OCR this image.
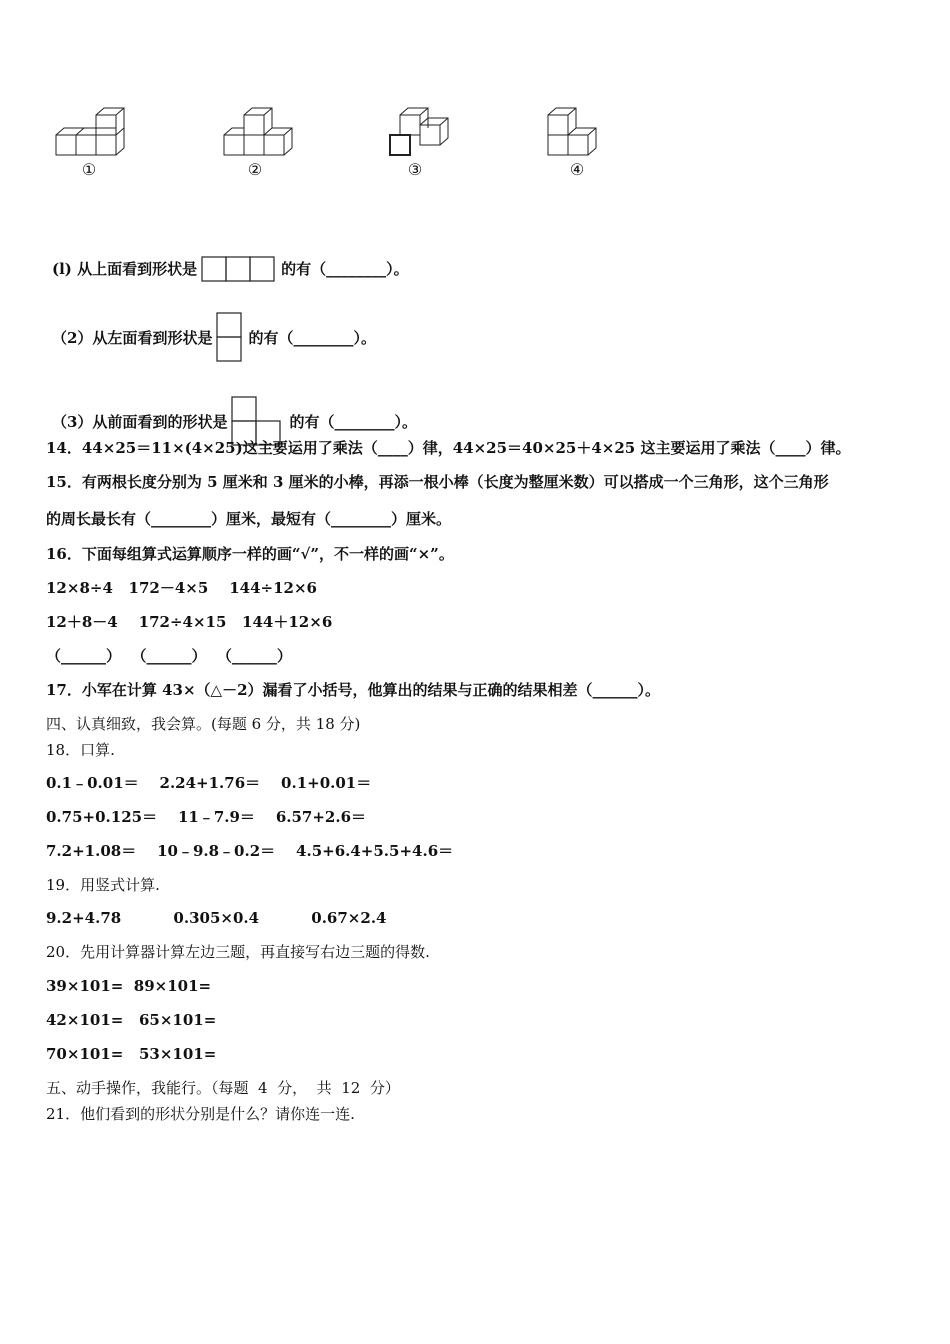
①	②	③	④
(l) 从上面看到形状是

	的有（________）。
（2）从左面看到形状是

的有（________）。
（3）从前面看到的形状是

	的有（________）。
14．44×25＝11×(4×25)这主要运用了乘法（____）律，44×25＝40×25＋4×25 这主要运用了乘法（____）律。
15．有两根长度分别为 5 厘米和 3 厘米的小棒，再添一根小棒（长度为整厘米数）可以搭成一个三角形，这个三角形
的周长最长有（________）厘米，最短有（________）厘米。
16．下面每组算式运算顺序一样的画“√”，不一样的画“×”。
12×8÷4   172－4×5    144÷12×6
12＋8－4    172÷4×15   144＋12×6
（______）  （______）  （______）
17．小军在计算 43×（△－2）漏看了小括号，他算出的结果与正确的结果相差（______）。
四、认真细致，我会算。(每题 6 分，共 18 分)
18．口算.
0.1﹣0.01＝    2.24+1.76＝    0.1+0.01＝
0.75+0.125＝    11﹣7.9＝    6.57+2.6＝
7.2+1.08＝    10﹣9.8﹣0.2＝    4.5+6.4+5.5+4.6＝
19．用竖式计算.
9.2+4.78          0.305×0.4          0.67×2.4
20．先用计算器计算左边三题，再直接写右边三题的得数.
39×101=  89×101=
42×101=   65×101=
70×101=   53×101=
五、动手操作，我能行。（每题  4  分，  共  12  分）
21．他们看到的形状分别是什么？请你连一连.
